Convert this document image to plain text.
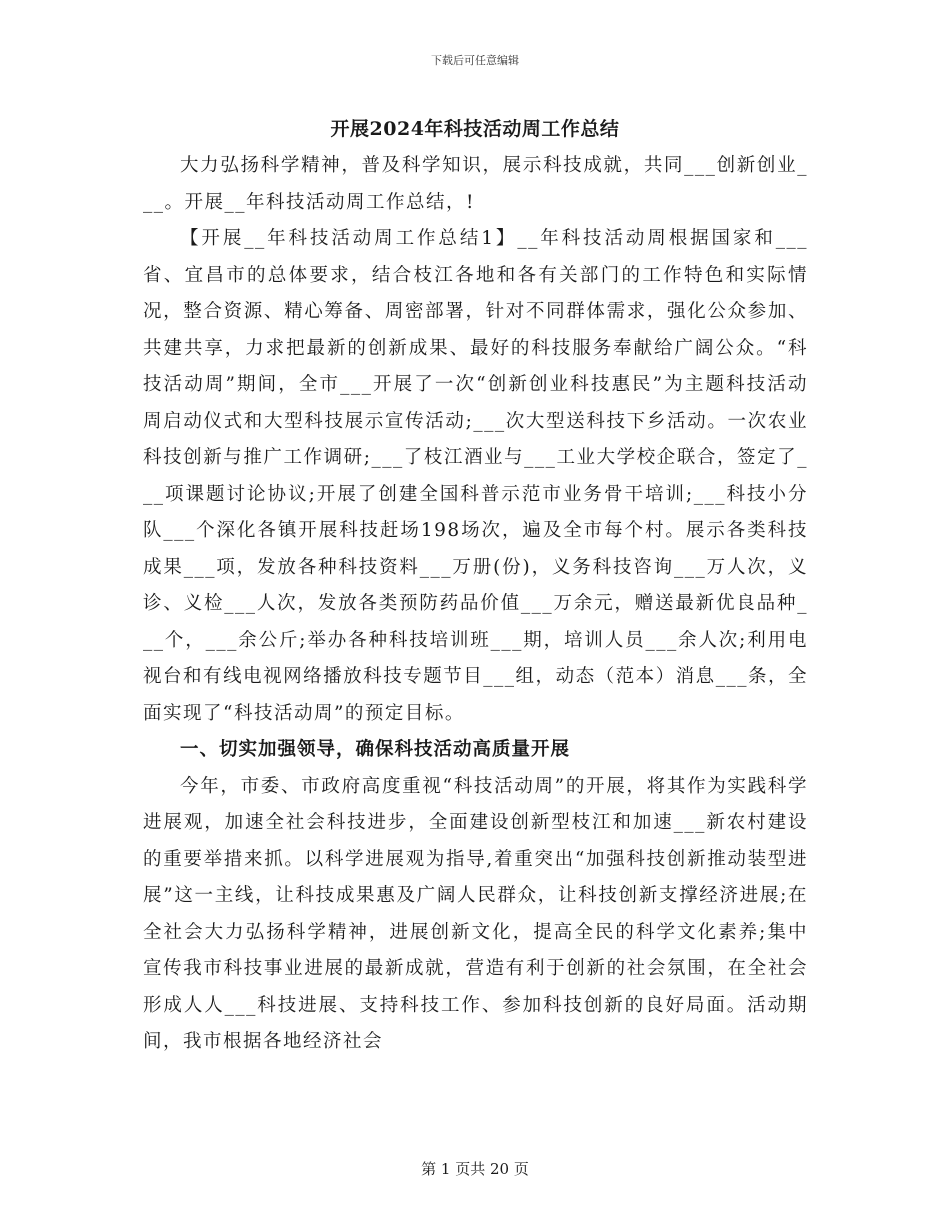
下载后可任意编辑
开展2024年科技活动周工作总结

大力弘扬科学精神，普及科学知识，展示科技成就，共同___创新创业___。开展__年科技活动周工作总结，!

【开展__年科技活动周工作总结1】__年科技活动周根据国家和___省、宜昌市的总体要求，结合枝江各地和各有关部门的工作特色和实际情况，整合资源、精心筹备、周密部署，针对不同群体需求，强化公众参加、共建共享，力求把最新的创新成果、最好的科技服务奉献给广阔公众。“科技活动周”期间，全市___开展了一次“创新创业科技惠民”为主题科技活动周启动仪式和大型科技展示宣传活动;___次大型送科技下乡活动。一次农业科技创新与推广工作调研;___了枝江酒业与___工业大学校企联合，签定了___项课题讨论协议;开展了创建全国科普示范市业务骨干培训;___科技小分队___个深化各镇开展科技赶场198场次，遍及全市每个村。展示各类科技成果___项，发放各种科技资料___万册(份)，义务科技咨询___万人次，义诊、义检___人次，发放各类预防药品价值___万余元，赠送最新优良品种___个，___余公斤;举办各种科技培训班___期，培训人员___余人次;利用电视台和有线电视网络播放科技专题节目___组，动态（范本）消息___条，全面实现了“科技活动周”的预定目标。

一、切实加强领导，确保科技活动高质量开展

今年，市委、市政府高度重视“科技活动周”的开展，将其作为实践科学进展观，加速全社会科技进步，全面建设创新型枝江和加速___新农村建设的重要举措来抓。以科学进展观为指导,着重突出“加强科技创新推动装型进展”这一主线，让科技成果惠及广阔人民群众，让科技创新支撑经济进展;在全社会大力弘扬科学精神，进展创新文化，提高全民的科学文化素养;集中宣传我市科技事业进展的最新成就，营造有利于创新的社会氛围，在全社会形成人人___科技进展、支持科技工作、参加科技创新的良好局面。活动期间，我市根据各地经济社会

第 1 页共 20 页
